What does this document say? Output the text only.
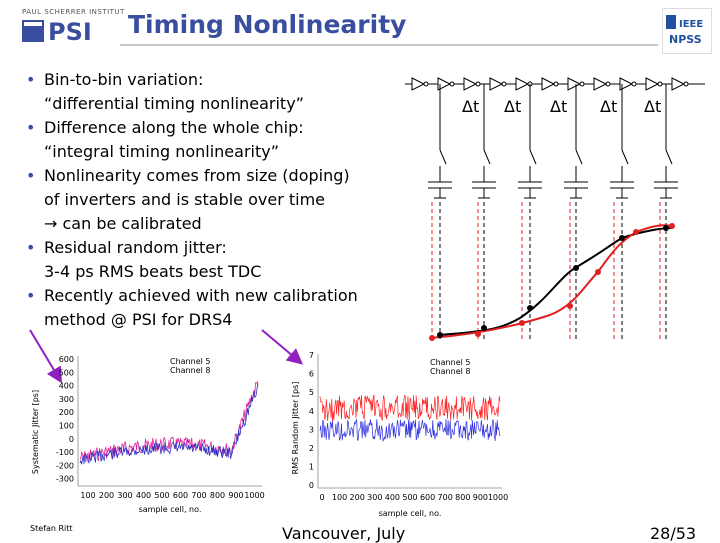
PAUL SCHERRER INSTITUT
PSI Timing Nonlinearity	IEEE
NPSS
• Bin-to-bin variation:
“differential timing nonlinearity”
• Difference along the whole chip:
“integral timing nonlinearity”
• Nonlinearity comes from size (doping)
of inverters and is stable over time
→ can be calibrated
• Residual random jitter:
3-4 ps RMS beats best TDC
• Recently achieved with new calibration
method @ PSI for DRS4
Δt Δt Δt Δt Δt
Systematic Jitter [ps]
600
500
400
300
200
100
0
-100
-200
-300
100 200 300 400 500 600 700 800 900 1000
sample cell, no.
Channel 5
Channel 8
RMS Random Jitter [ps]
7
6
5
4
3
2
1
0
0 100 200 300 400 500 600 700 800 900 1000
sample cell, no.
Channel 5
Channel 8
Stefan Ritt	Vancouver, July	28/53
